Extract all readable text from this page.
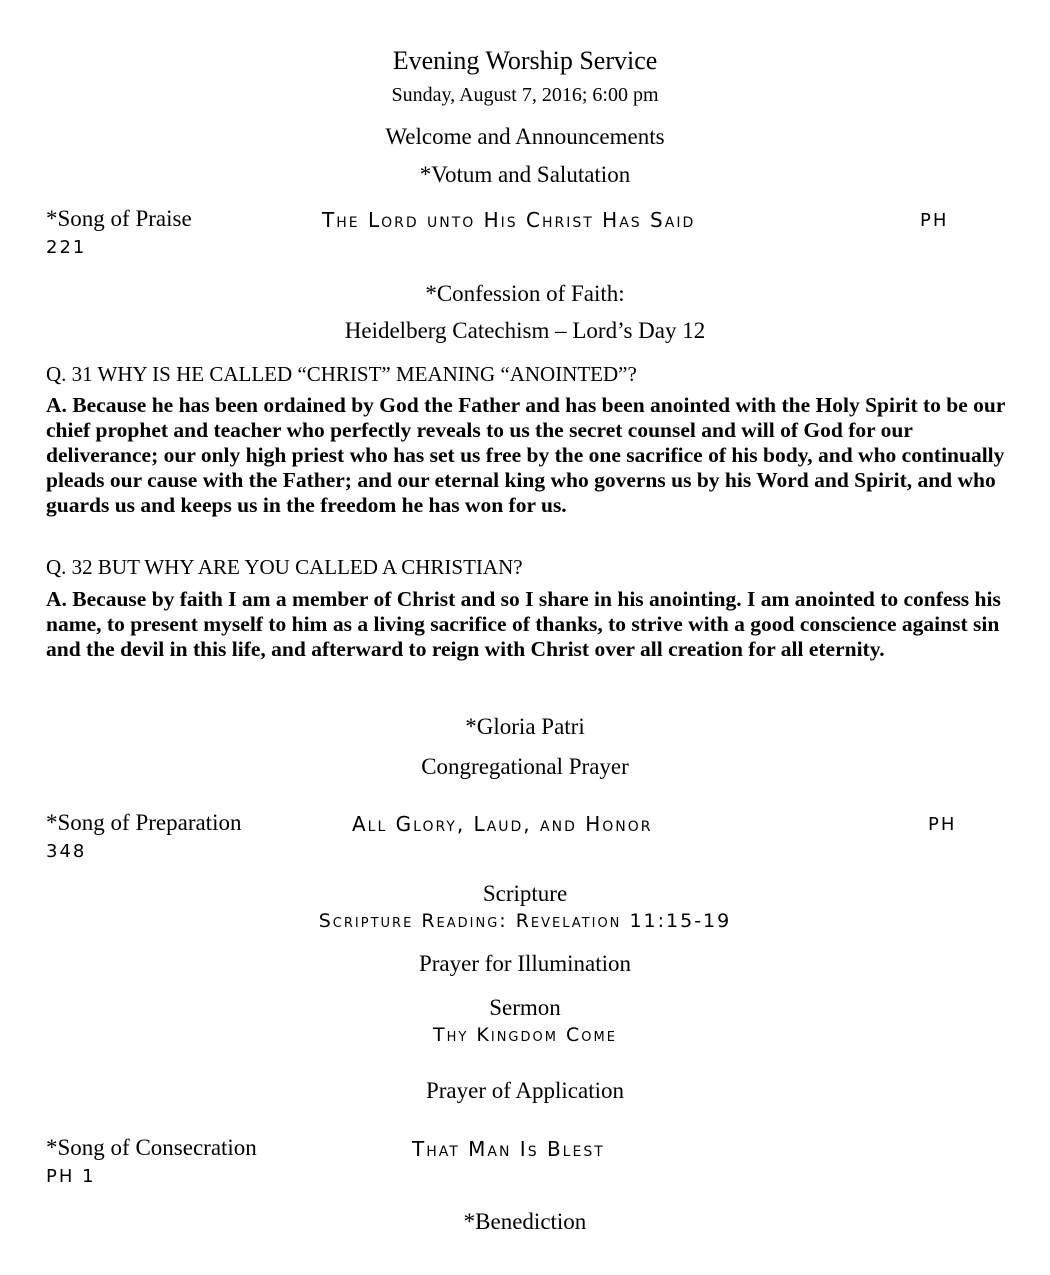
Evening Worship Service
Sunday, August 7, 2016; 6:00 pm
Welcome and Announcements
*Votum and Salutation
*Song of Praise	The Lord unto His Christ Has Said	PH
221
*Confession of Faith:
Heidelberg Catechism – Lord’s Day 12
Q. 31 WHY IS HE CALLED “CHRIST” MEANING “ANOINTED”?
A. Because he has been ordained by God the Father and has been anointed with the Holy Spirit to be our chief prophet and teacher who perfectly reveals to us the secret counsel and will of God for our deliverance; our only high priest who has set us free by the one sacrifice of his body, and who continually pleads our cause with the Father; and our eternal king who governs us by his Word and Spirit, and who guards us and keeps us in the freedom he has won for us.
Q. 32 BUT WHY ARE YOU CALLED A CHRISTIAN?
A. Because by faith I am a member of Christ and so I share in his anointing. I am anointed to confess his name, to present myself to him as a living sacrifice of thanks, to strive with a good conscience against sin and the devil in this life, and afterward to reign with Christ over all creation for all eternity.
*Gloria Patri
Congregational Prayer
*Song of Preparation	All Glory, Laud, and Honor	PH
348
Scripture
Scripture Reading: Revelation 11:15-19
Prayer for Illumination
Sermon
Thy Kingdom Come
Prayer of Application
*Song of Consecration	That Man Is Blest
PH 1
*Benediction
